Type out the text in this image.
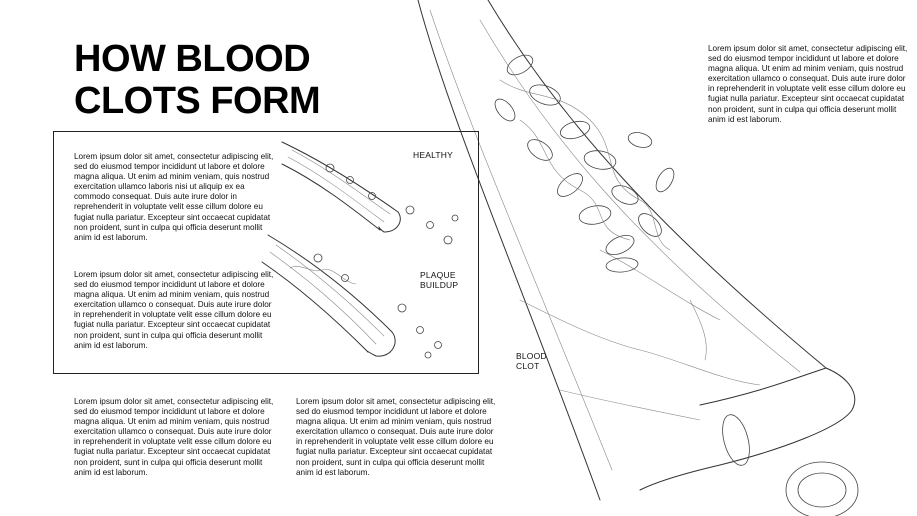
HOW BLOOD
CLOTS FORM

Lorem ipsum dolor sit amet, consectetur adipiscing elit, sed do eiusmod tempor incididunt ut labore et dolore magna aliqua. Ut enim ad minim veniam, quis nostrud exercitation ullamco laboris nisi ut aliquip ex ea commodo consequat. Duis aute irure dolor in reprehenderit in voluptate velit esse cillum dolore eu fugiat nulla pariatur. Excepteur sint occaecat cupidatat non proident, sunt in culpa qui officia deserunt mollit anim id est laborum.

Lorem ipsum dolor sit amet, consectetur adipiscing elit, sed do eiusmod tempor incididunt ut labore et dolore magna aliqua. Ut enim ad minim veniam, quis nostrud exercitation ullamco o consequat. Duis aute irure dolor in reprehenderit in voluptate velit esse cillum dolore eu fugiat nulla pariatur. Excepteur sint occaecat cupidatat non proident, sunt in culpa qui officia deserunt mollit anim id est laborum.

Lorem ipsum dolor sit amet, consectetur adipiscing elit, sed do eiusmod tempor incididunt ut labore et dolore magna aliqua. Ut enim ad minim veniam, quis nostrud exercitation ullamco o consequat. Duis aute irure dolor in reprehenderit in voluptate velit esse cillum dolore eu fugiat nulla pariatur. Excepteur sint occaecat cupidatat non proident, sunt in culpa qui officia deserunt mollit anim id est laborum.

Lorem ipsum dolor sit amet, consectetur adipiscing elit, sed do eiusmod tempor incididunt ut labore et dolore magna aliqua. Ut enim ad minim veniam, quis nostrud exercitation ullamco o consequat. Duis aute irure dolor in reprehenderit in voluptate velit esse cillum dolore eu fugiat nulla pariatur. Excepteur sint occaecat cupidatat non proident, sunt in culpa qui officia deserunt mollit anim id est laborum.

Lorem ipsum dolor sit amet, consectetur adipiscing elit, sed do eiusmod tempor incididunt ut labore et dolore magna aliqua. Ut enim ad minim veniam, quis nostrud exercitation ullamco o consequat. Duis aute irure dolor in reprehenderit in voluptate velit esse cillum dolore eu fugiat nulla pariatur. Excepteur sint occaecat cupidatat non proident, sunt in culpa qui officia deserunt mollit anim id est laborum.

HEALTHY
PLAQUE
BUILDUP
BLOOD
CLOT
